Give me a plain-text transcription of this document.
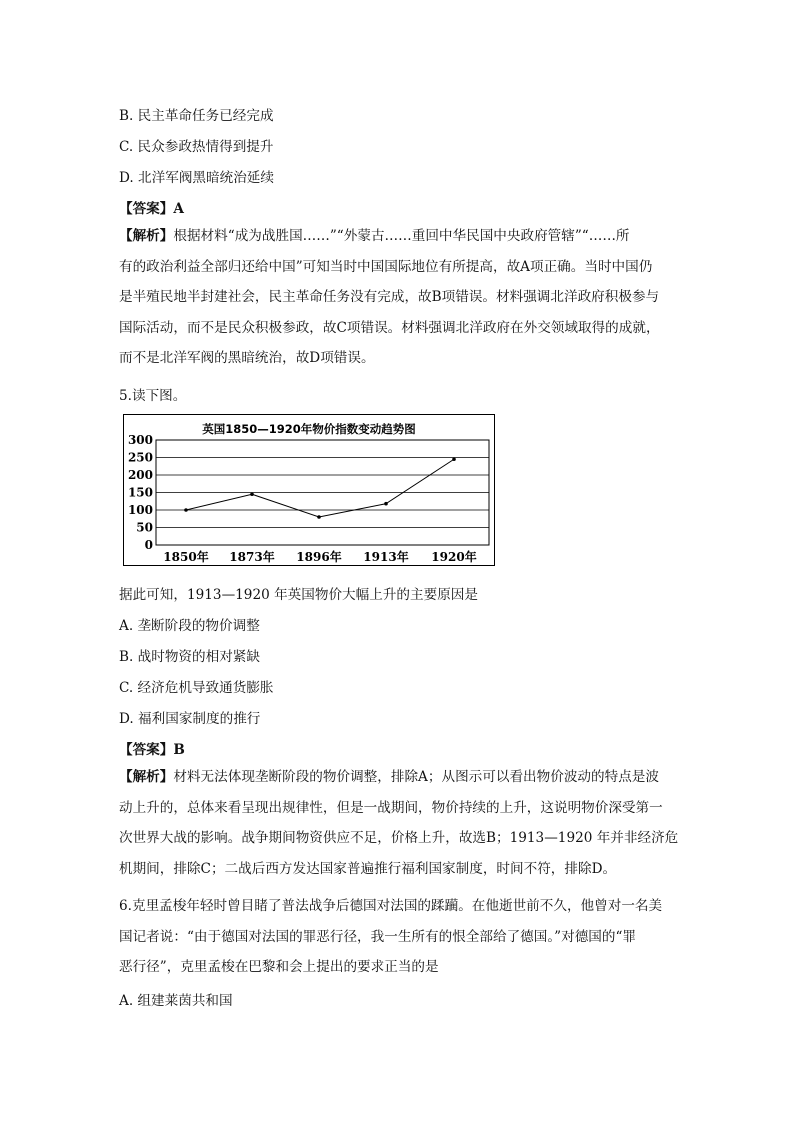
B. 民主革命任务已经完成
C. 民众参政热情得到提升
D. 北洋军阀黑暗统治延续
【答案】A
【解析】根据材料“成为战胜国……”“外蒙古……重回中华民国中央政府管辖”“……所
有的政治利益全部归还给中国”可知当时中国国际地位有所提高，故A项正确。当时中国仍
是半殖民地半封建社会，民主革命任务没有完成，故B项错误。材料强调北洋政府积极参与
国际活动，而不是民众积极参政，故C项错误。材料强调北洋政府在外交领域取得的成就，
而不是北洋军阀的黑暗统治，故D项错误。
5.读下图。
英国1850—1920年物价指数变动趋势图
0
50
100
150
200
250
300
1850年 1873年 1896年 1913年 1920年
据此可知，1913—1920 年英国物价大幅上升的主要原因是
A. 垄断阶段的物价调整
B. 战时物资的相对紧缺
C. 经济危机导致通货膨胀
D. 福利国家制度的推行
【答案】B
【解析】材料无法体现垄断阶段的物价调整，排除A；从图示可以看出物价波动的特点是波
动上升的，总体来看呈现出规律性，但是一战期间，物价持续的上升，这说明物价深受第一
次世界大战的影响。战争期间物资供应不足，价格上升，故选B；1913—1920 年并非经济危
机期间，排除C；二战后西方发达国家普遍推行福利国家制度，时间不符，排除D。
6.克里孟梭年轻时曾目睹了普法战争后德国对法国的蹂躏。在他逝世前不久，他曾对一名美
国记者说：“由于德国对法国的罪恶行径，我一生所有的恨全部给了德国。”对德国的“罪
恶行径”，克里孟梭在巴黎和会上提出的要求正当的是
A. 组建莱茵共和国
